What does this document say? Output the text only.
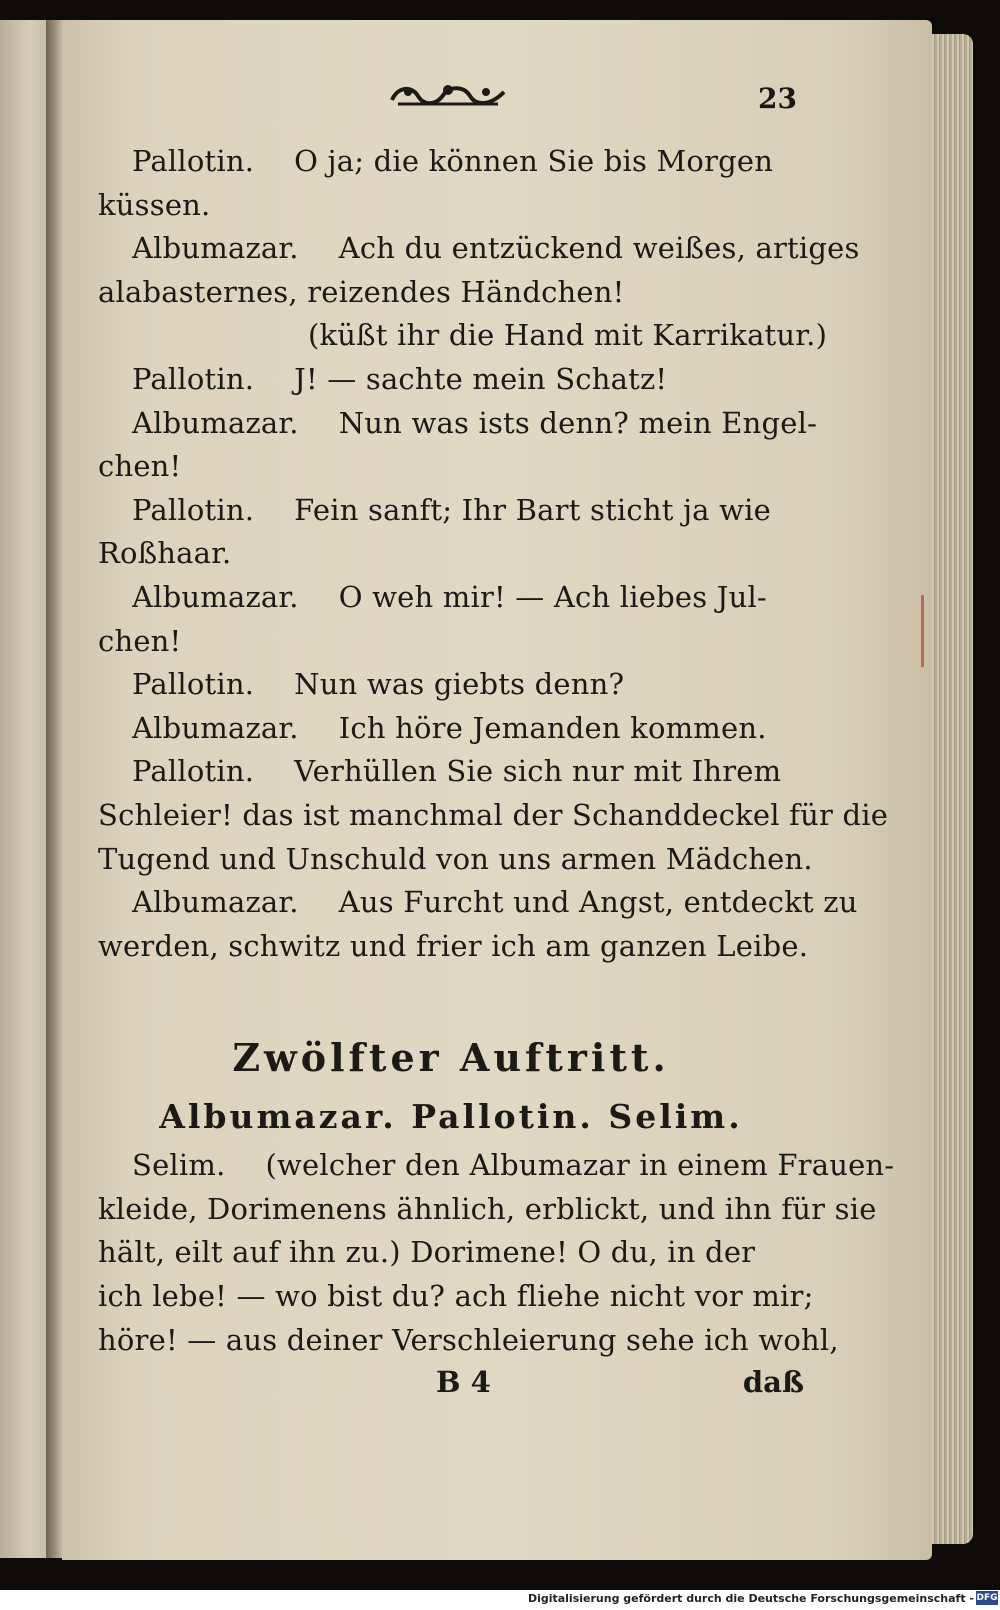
23
Pallotin. O ja; die können Sie bis Morgen
küssen.
Albumazar. Ach du entzückend weißes, artiges
alabasternes, reizendes Händchen!
(küßt ihr die Hand mit Karrikatur.)
Pallotin. J! — sachte mein Schatz!
Albumazar. Nun was ists denn? mein Engel-
chen!
Pallotin. Fein sanft; Ihr Bart sticht ja wie
Roßhaar.
Albumazar. O weh mir! — Ach liebes Jul-
chen!
Pallotin. Nun was giebts denn?
Albumazar. Ich höre Jemanden kommen.
Pallotin. Verhüllen Sie sich nur mit Ihrem
Schleier! das ist manchmal der Schanddeckel für die
Tugend und Unschuld von uns armen Mädchen.
Albumazar. Aus Furcht und Angst, entdeckt zu
werden, schwitz und frier ich am ganzen Leibe.
Zwölfter Auftritt.
Albumazar. Pallotin. Selim.
Selim. (welcher den Albumazar in einem Frauen-
kleide, Dorimenens ähnlich, erblickt, und ihn für sie
hält, eilt auf ihn zu.) Dorimene! O du, in der
ich lebe! — wo bist du? ach fliehe nicht vor mir;
höre! — aus deiner Verschleierung sehe ich wohl,
B 4	daß
Digitalisierung gefördert durch die Deutsche Forschungsgemeinschaft - DFG
